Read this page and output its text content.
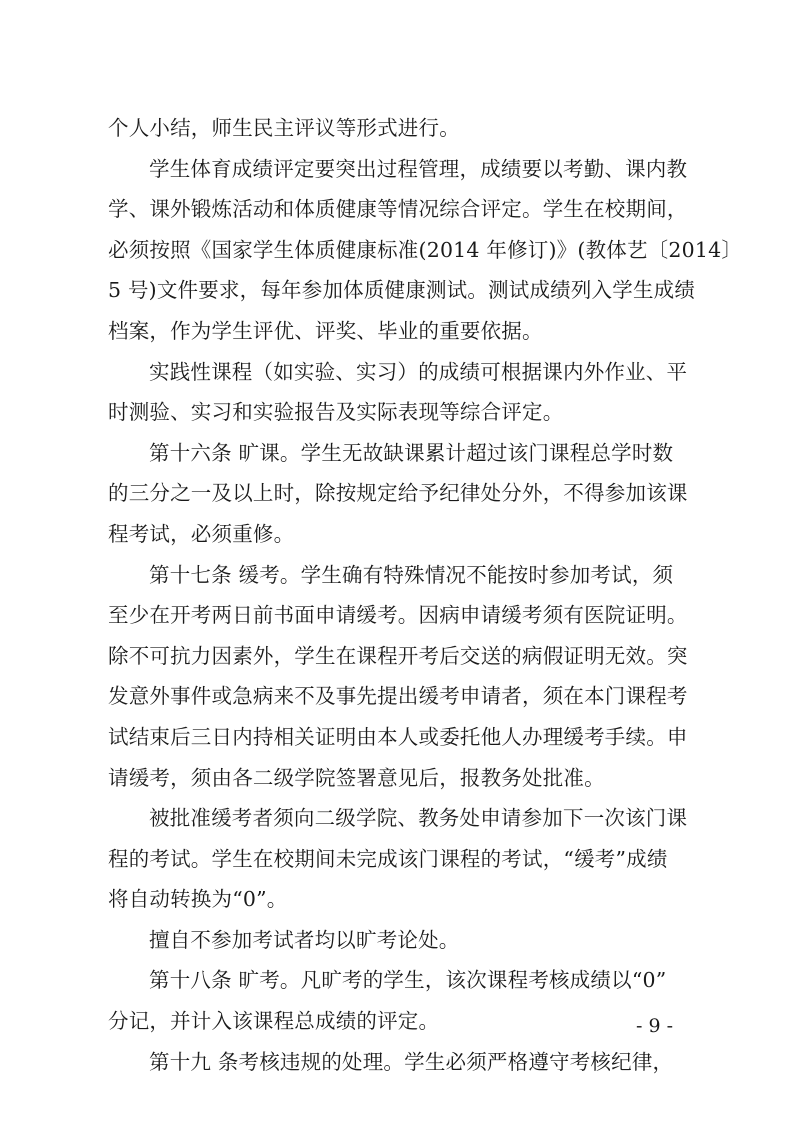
个人小结，师生民主评议等形式进行。
学生体育成绩评定要突出过程管理，成绩要以考勤、课内教
学、课外锻炼活动和体质健康等情况综合评定。学生在校期间，
必须按照《国家学生体质健康标准(2014 年修订)》(教体艺〔2014〕
5 号)文件要求，每年参加体质健康测试。测试成绩列入学生成绩
档案，作为学生评优、评奖、毕业的重要依据。
实践性课程（如实验、实习）的成绩可根据课内外作业、平
时测验、实习和实验报告及实际表现等综合评定。
第十六条 旷课。学生无故缺课累计超过该门课程总学时数
的三分之一及以上时，除按规定给予纪律处分外，不得参加该课
程考试，必须重修。
第十七条 缓考。学生确有特殊情况不能按时参加考试，须
至少在开考两日前书面申请缓考。因病申请缓考须有医院证明。
除不可抗力因素外，学生在课程开考后交送的病假证明无效。突
发意外事件或急病来不及事先提出缓考申请者，须在本门课程考
试结束后三日内持相关证明由本人或委托他人办理缓考手续。申
请缓考，须由各二级学院签署意见后，报教务处批准。
被批准缓考者须向二级学院、教务处申请参加下一次该门课
程的考试。学生在校期间未完成该门课程的考试，“缓考”成绩
将自动转换为“0”。
擅自不参加考试者均以旷考论处。
第十八条 旷考。凡旷考的学生，该次课程考核成绩以“0”
分记，并计入该课程总成绩的评定。
第十九 条考核违规的处理。学生必须严格遵守考核纪律，
- 9 -
